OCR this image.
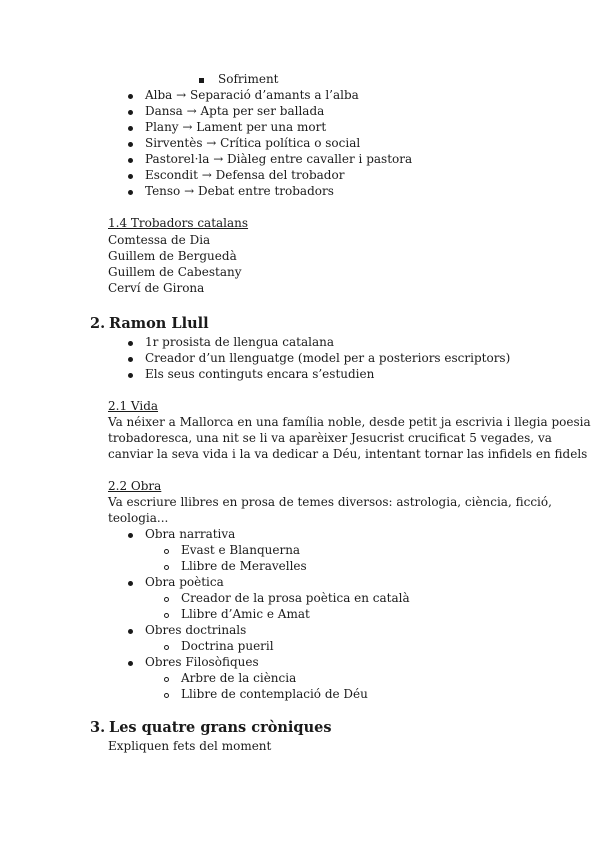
Sofriment
Alba → Separació d’amants a l’alba
Dansa → Apta per ser ballada
Plany → Lament per una mort
Sirventès → Crítica política o social
Pastorel·la → Diàleg entre cavaller i pastora
Escondit → Defensa del trobador
Tenso → Debat entre trobadors
1.4 Trobadors catalans
Comtessa de Dia
Guillem de Berguedà
Guillem de Cabestany
Cerví de Girona
2. Ramon Llull
1r prosista de llengua catalana
Creador d’un llenguatge (model per a posteriors escriptors)
Els seus continguts encara s’estudien
2.1 Vida
Va néixer a Mallorca en una família noble, desde petit ja escrivia i llegia poesia
trobadoresca, una nit se li va aparèixer Jesucrist crucificat 5 vegades, va
canviar la seva vida i la va dedicar a Déu, intentant tornar las infidels en fidels
2.2 Obra
Va escriure llibres en prosa de temes diversos: astrologia, ciència, ficció,
teologia...
Obra narrativa
Evast e Blanquerna
Llibre de Meravelles
Obra poètica
Creador de la prosa poètica en català
Llibre d’Amic e Amat
Obres doctrinals
Doctrina pueril
Obres Filosòfiques
Arbre de la ciència
Llibre de contemplació de Déu
3. Les quatre grans cròniques
Expliquen fets del moment
